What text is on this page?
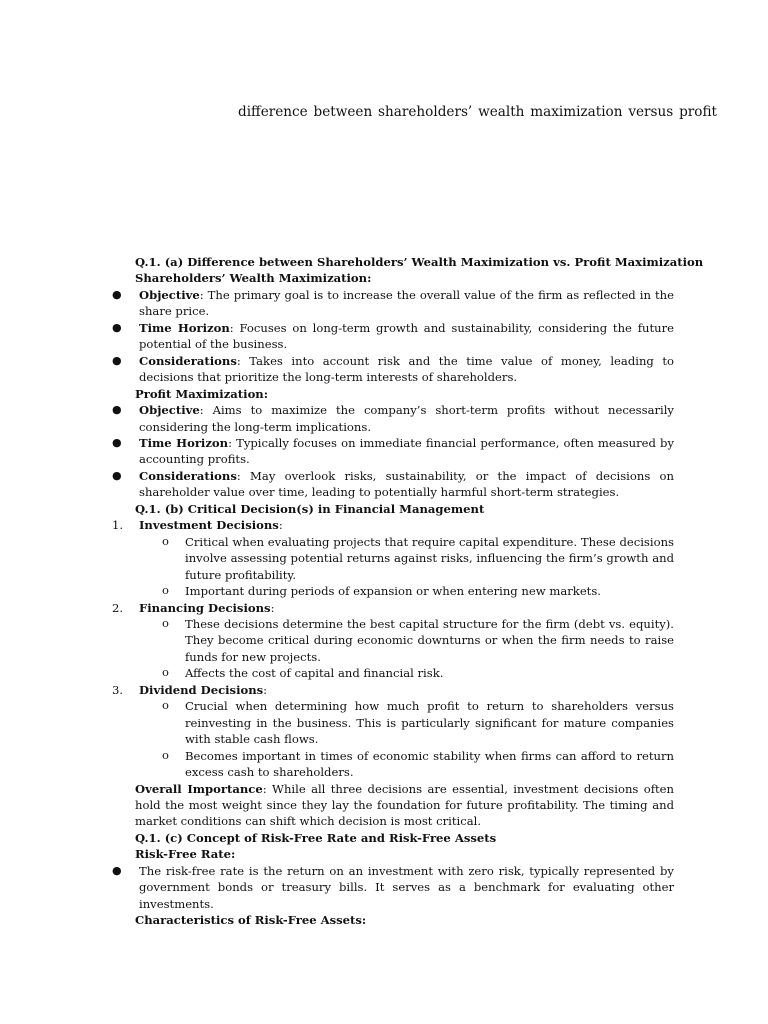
difference between shareholders’ wealth maximization versus profit
Q.1. (a) Difference between Shareholders’ Wealth Maximization vs. Profit Maximization
Shareholders’ Wealth Maximization:
● Objective: The primary goal is to increase the overall value of the firm as reflected in the share price.
● Time Horizon: Focuses on long-term growth and sustainability, considering the future potential of the business.
● Considerations: Takes into account risk and the time value of money, leading to decisions that prioritize the long-term interests of shareholders.
Profit Maximization:
● Objective: Aims to maximize the company’s short-term profits without necessarily considering the long-term implications.
● Time Horizon: Typically focuses on immediate financial performance, often measured by accounting profits.
● Considerations: May overlook risks, sustainability, or the impact of decisions on shareholder value over time, leading to potentially harmful short-term strategies.
Q.1. (b) Critical Decision(s) in Financial Management
1. Investment Decisions:
o Critical when evaluating projects that require capital expenditure. These decisions involve assessing potential returns against risks, influencing the firm’s growth and future profitability.
o Important during periods of expansion or when entering new markets.
2. Financing Decisions:
o These decisions determine the best capital structure for the firm (debt vs. equity). They become critical during economic downturns or when the firm needs to raise funds for new projects.
o Affects the cost of capital and financial risk.
3. Dividend Decisions:
o Crucial when determining how much profit to return to shareholders versus reinvesting in the business. This is particularly significant for mature companies with stable cash flows.
o Becomes important in times of economic stability when firms can afford to return excess cash to shareholders.
Overall Importance: While all three decisions are essential, investment decisions often hold the most weight since they lay the foundation for future profitability. The timing and market conditions can shift which decision is most critical.
Q.1. (c) Concept of Risk-Free Rate and Risk-Free Assets
Risk-Free Rate:
● The risk-free rate is the return on an investment with zero risk, typically represented by government bonds or treasury bills. It serves as a benchmark for evaluating other investments.
Characteristics of Risk-Free Assets:
